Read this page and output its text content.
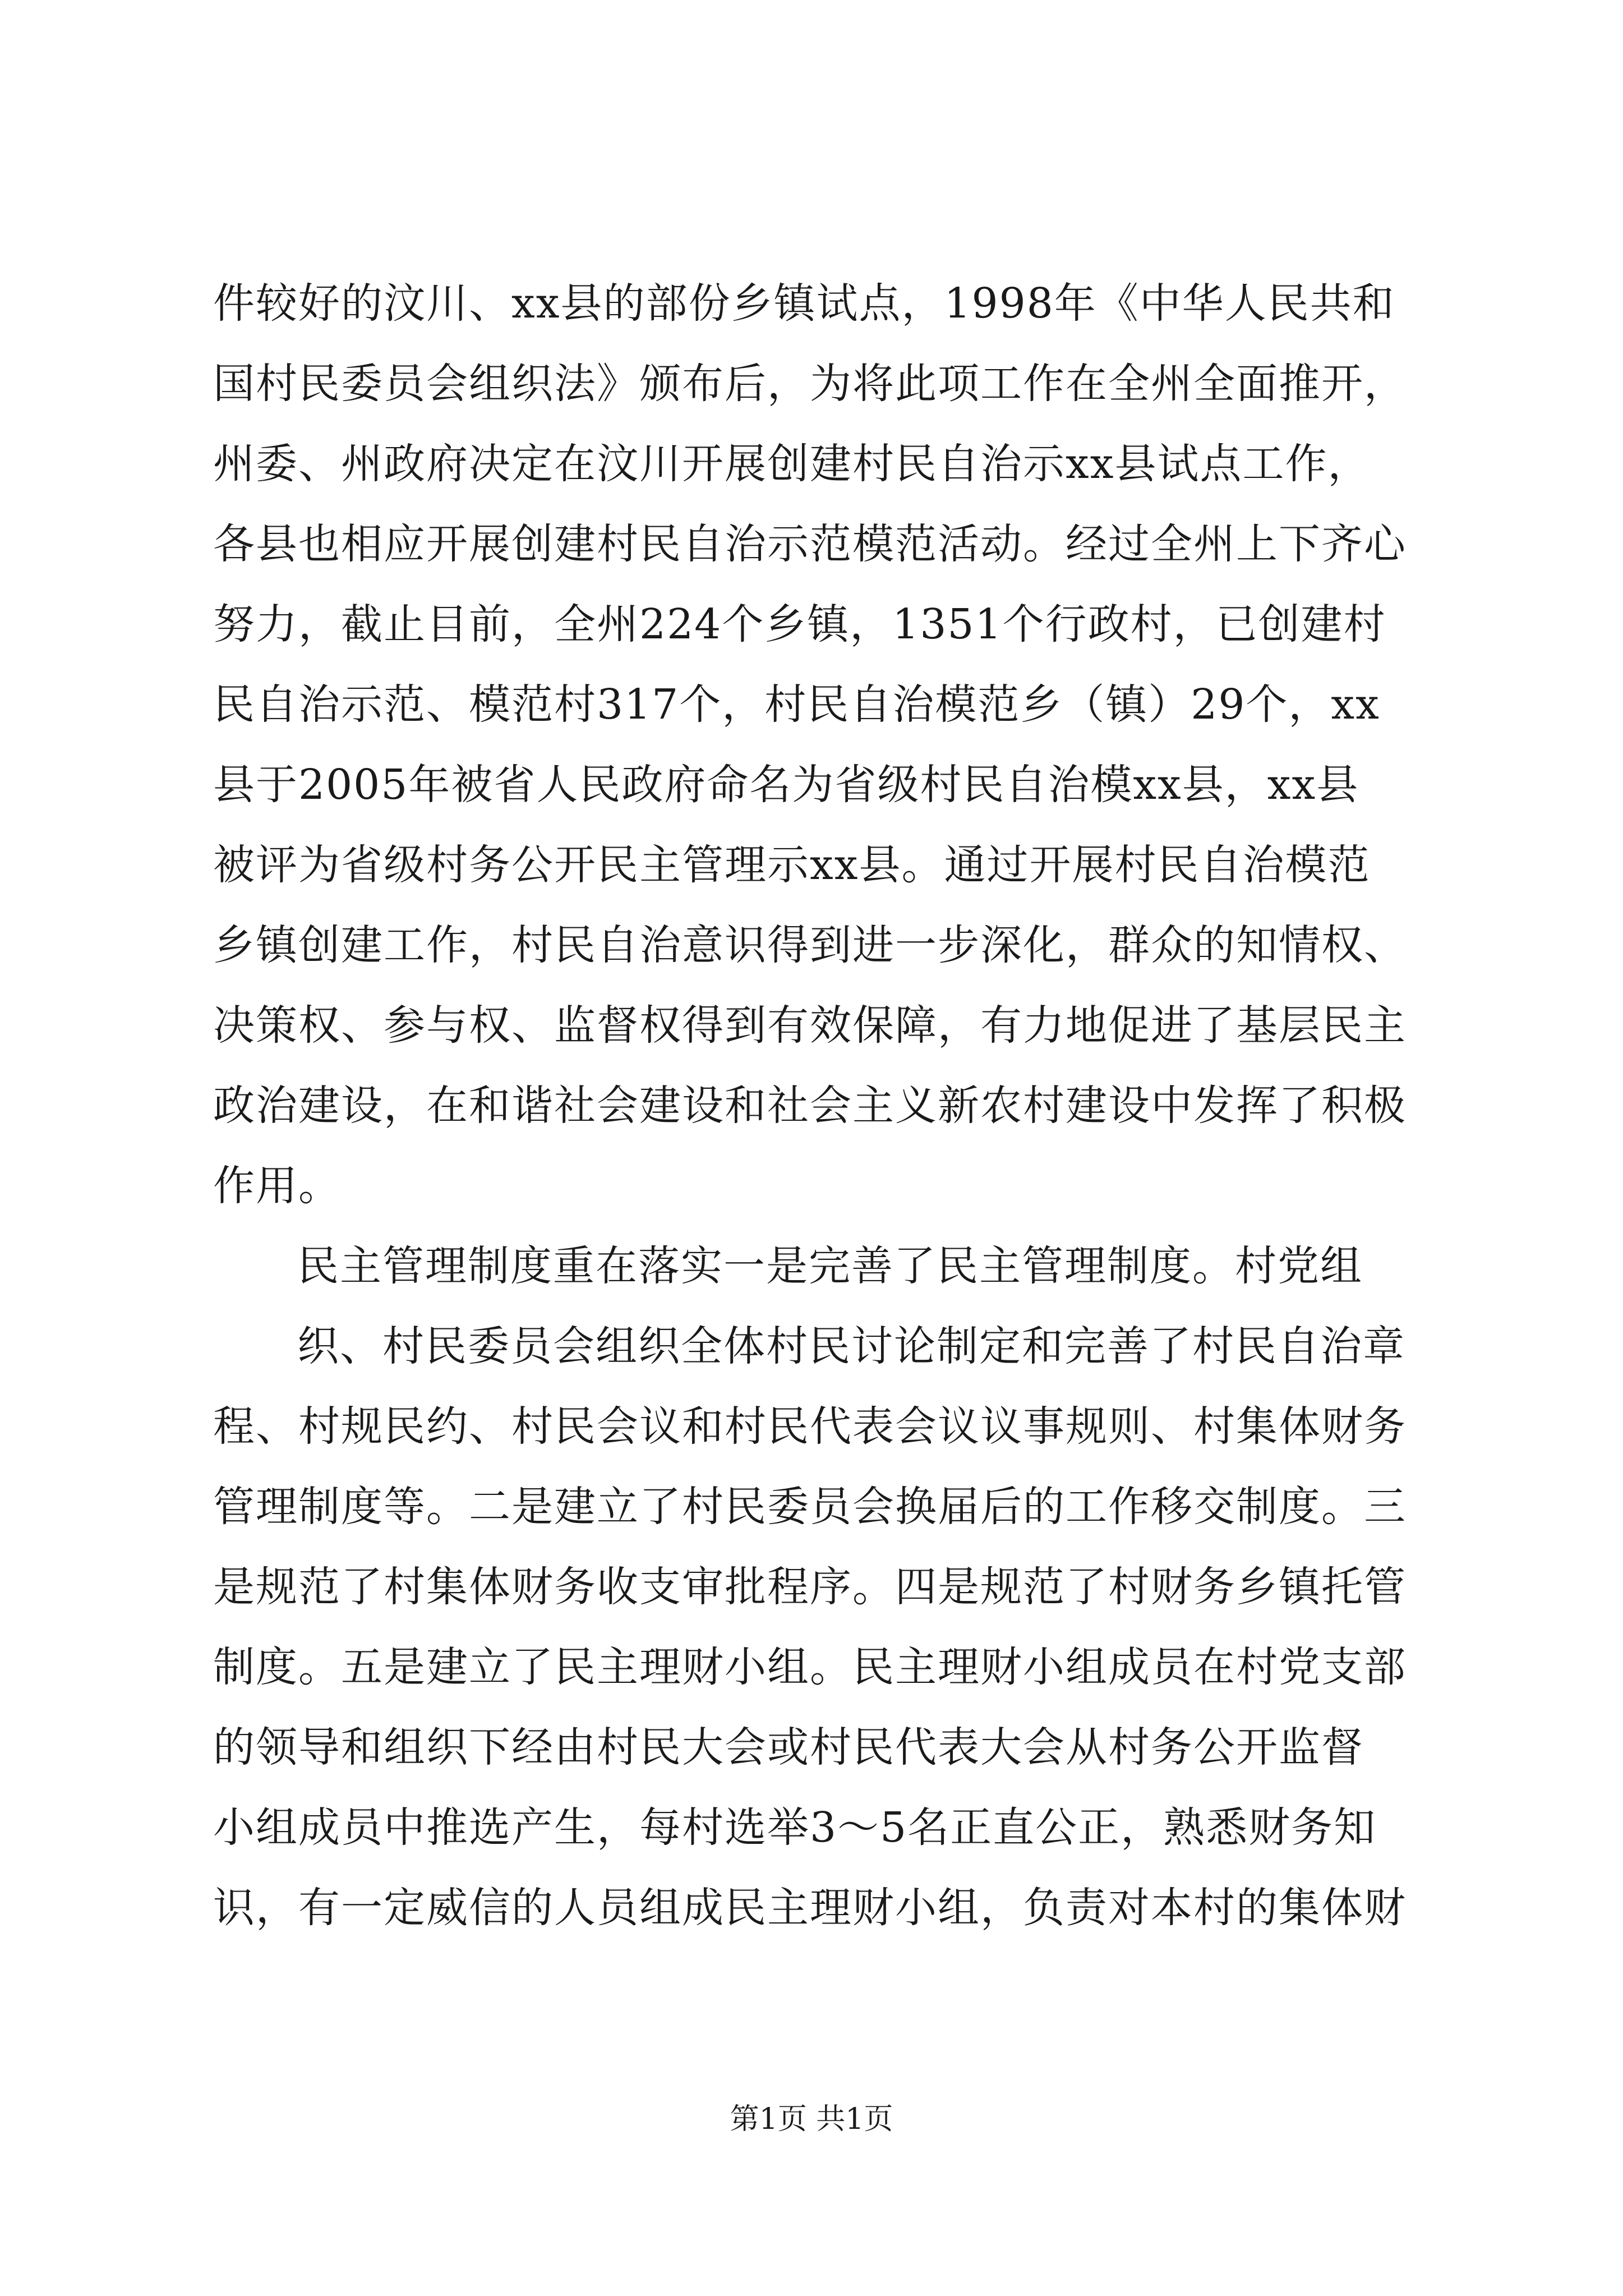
件较好的汶川、xx县的部份乡镇试点，1998年《中华人民共和
国村民委员会组织法》颁布后，为将此项工作在全州全面推开，
州委、州政府决定在汶川开展创建村民自治示xx县试点工作，
各县也相应开展创建村民自治示范模范活动。经过全州上下齐心
努力，截止目前，全州224个乡镇，1351个行政村，已创建村
民自治示范、模范村317个，村民自治模范乡（镇）29个，xx
县于2005年被省人民政府命名为省级村民自治模xx县，xx县
被评为省级村务公开民主管理示xx县。通过开展村民自治模范
乡镇创建工作，村民自治意识得到进一步深化，群众的知情权、
决策权、参与权、监督权得到有效保障，有力地促进了基层民主
政治建设，在和谐社会建设和社会主义新农村建设中发挥了积极
作用。
民主管理制度重在落实一是完善了民主管理制度。村党组
织、村民委员会组织全体村民讨论制定和完善了村民自治章
程、村规民约、村民会议和村民代表会议议事规则、村集体财务
管理制度等。二是建立了村民委员会换届后的工作移交制度。三
是规范了村集体财务收支审批程序。四是规范了村财务乡镇托管
制度。五是建立了民主理财小组。民主理财小组成员在村党支部
的领导和组织下经由村民大会或村民代表大会从村务公开监督
小组成员中推选产生，每村选举3～5名正直公正，熟悉财务知
识，有一定威信的人员组成民主理财小组，负责对本村的集体财
第1页 共1页
